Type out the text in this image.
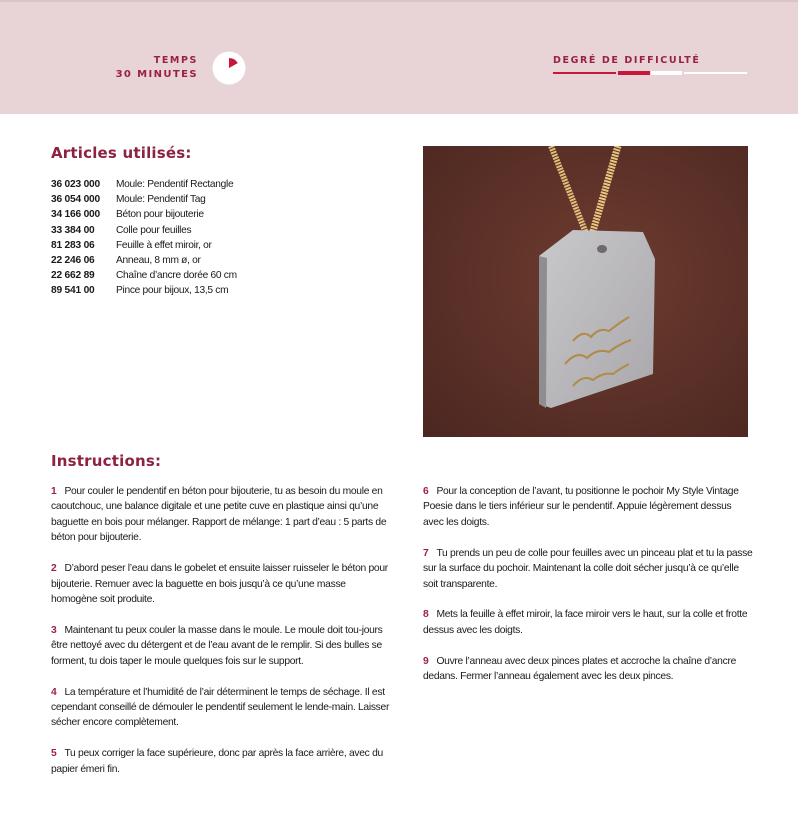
TEMPS
30 MINUTES
DEGRÉ DE DIFFICULTÉ
Articles utilisés:
36 023 000	Moule: Pendentif Rectangle
36 054 000	Moule: Pendentif Tag
34 166 000	Béton pour bijouterie
33 384 00	Colle pour feuilles
81 283 06	Feuille à effet miroir, or
22 246 06	Anneau, 8 mm ø, or
22 662 89	Chaîne d’ancre dorée 60 cm
89 541 00	Pince pour bijoux, 13,5 cm
Instructions:
1 Pour couler le pendentif en béton pour bijouterie, tu as besoin du moule en caoutchouc, une balance digitale et une petite cuve en plastique ainsi qu’une baguette en bois pour mélanger. Rapport de mélange: 1 part d’eau : 5 parts de béton pour bijouterie.
2 D’abord peser l’eau dans le gobelet et ensuite laisser ruisseler le béton pour bijouterie. Remuer avec la baguette en bois jusqu’à ce qu’une masse homogène soit produite.
3 Maintenant tu peux couler la masse dans le moule. Le moule doit tou-jours être nettoyé avec du détergent et de l’eau avant de le remplir. Si des bulles se forment, tu dois taper le moule quelques fois sur le support.
4 La température et l’humidité de l’air déterminent le temps de séchage. Il est cependant conseillé de démouler le pendentif seulement le lende-main. Laisser sécher encore complètement.
5 Tu peux corriger la face supérieure, donc par après la face arrière, avec du papier émeri fin.
6 Pour la conception de l’avant, tu positionne le pochoir My Style Vintage Poesie dans le tiers inférieur sur le pendentif. Appuie légèrement dessus avec les doigts.
7 Tu prends un peu de colle pour feuilles avec un pinceau plat et tu la passe sur la surface du pochoir. Maintenant la colle doit sécher jusqu’à ce qu’elle soit transparente.
8 Mets la feuille à effet miroir, la face miroir vers le haut, sur la colle et frotte dessus avec les doigts.
9 Ouvre l’anneau avec deux pinces plates et accroche la chaîne d’ancre dedans. Fermer l’anneau également avec les deux pinces.
